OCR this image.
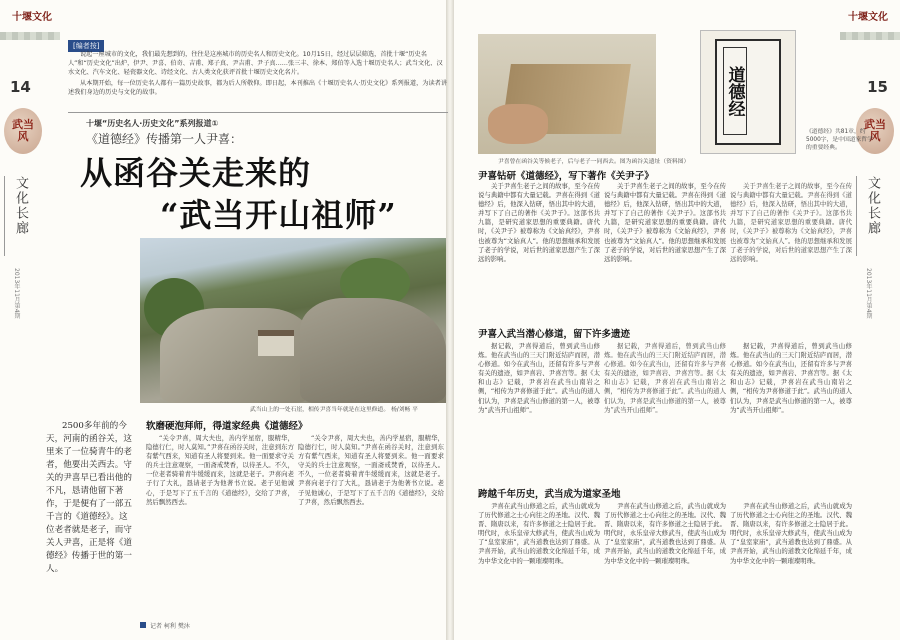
十堰文化	十堰文化
14	15
武当
风
文化长廊
2013年11月第4期
武当
风
文化长廊
2013年11月第4期
[编者按]

说起一座城市的文化，我们最先想到的，往往是这座城市的历史名人和历史文化。10月15日，经过层层筛选，首批十堰“历史名人”和“历史文化”出炉，伊尹、尹喜、伯奇、吉甫、郑子真、尹吉甫、尹子真……张三丰、徐本、郑伯等入选十堰历史名人；武当文化、汉水文化、汽车文化、轻瓷器文化、诗经文化、古人类文化获评首批十堰历史文化名片。

从本期开始，每一位历史名人都有一篇历史故事，都为后人所敬仰。即日起，本刊推出《十堰历史名人·历史文化》系列报道，为读者讲述我们身边的历史与文化的故事。

十堰“历史名人·历史文化”系列报道①
《道德经》传播第一人尹喜：
从函谷关走来的
“武当开山祖师”
武当山上的一处石崖，相传尹喜当年就是在这里修道。 杨/刘畅 平
2500多年前的今天，河南的函谷关，这里来了一位骑青牛的老者，他要出关西去。守关的尹喜早已看出他的不凡，恳请他留下著作，于是便有了一部五千言的《道德经》。这位老者就是老子，而守关人尹喜，正是将《道德经》传播于世的第一人。
软磨硬泡拜师，得道家经典《道德经》
“关令尹喜，周大夫也，善内学星宿，服精华，隐德行仁，时人莫知。”尹喜在函谷关时，注意到东方有紫气西来，知道有圣人将要到来。他一面要求守关的兵士注意观察，一面斋戒焚香，以待圣人。不久，一位老者骑着青牛缓缓而来，这就是老子。尹喜向老子行了大礼，恳请老子为他著书立说。老子见他诚心，于是写下了五千言的《道德经》，交给了尹喜，然后飘然西去。
“关令尹喜，周大夫也，善内学星宿，服精华，隐德行仁，时人莫知。”尹喜在函谷关时，注意到东方有紫气西来，知道有圣人将要到来。他一面要求守关的兵士注意观察，一面斋戒焚香，以待圣人。不久，一位老者骑着青牛缓缓而来，这就是老子。尹喜向老子行了大礼，恳请老子为他著书立说。老子见他诚心，于是写下了五千言的《道德经》，交给了尹喜，然后飘然西去。
尹喜钻研《道德经》，写下著作《关尹子》
关于尹喜生老子之间的故事，至今在传说与典籍中都有大量记载。尹喜在得到《道德经》后，他深入钻研，悟出其中的大道，并写下了自己的著作《关尹子》。这部书共九篇，是研究道家思想的重要典籍。唐代时，《关尹子》被尊称为《文始真经》，尹喜也被尊为“文始真人”。他的思想继承和发展了老子的学说，对后世的道家思想产生了深远的影响。
关于尹喜生老子之间的故事，至今在传说与典籍中都有大量记载。尹喜在得到《道德经》后，他深入钻研，悟出其中的大道，并写下了自己的著作《关尹子》。这部书共九篇，是研究道家思想的重要典籍。唐代时，《关尹子》被尊称为《文始真经》，尹喜也被尊为“文始真人”。他的思想继承和发展了老子的学说，对后世的道家思想产生了深远的影响。
关于尹喜生老子之间的故事，至今在传说与典籍中都有大量记载。尹喜在得到《道德经》后，他深入钻研，悟出其中的大道，并写下了自己的著作《关尹子》。这部书共九篇，是研究道家思想的重要典籍。唐代时，《关尹子》被尊称为《文始真经》，尹喜也被尊为“文始真人”。他的思想继承和发展了老子的学说，对后世的道家思想产生了深远的影响。
尹喜入武当潜心修道，留下许多遗迹
据记载，尹喜得道后，曾到武当山修炼。他在武当山的三天门附近结庐而居，潜心修道。如今在武当山，还留有许多与尹喜有关的遗迹，如尹喜岩、尹喜宫等。据《太和山志》记载，尹喜岩在武当山南岩之侧，“相传为尹喜修道于此”。武当山的道人们认为，尹喜是武当山修道的第一人，被尊为“武当开山祖师”。
据记载，尹喜得道后，曾到武当山修炼。他在武当山的三天门附近结庐而居，潜心修道。如今在武当山，还留有许多与尹喜有关的遗迹，如尹喜岩、尹喜宫等。据《太和山志》记载，尹喜岩在武当山南岩之侧，“相传为尹喜修道于此”。武当山的道人们认为，尹喜是武当山修道的第一人，被尊为“武当开山祖师”。
据记载，尹喜得道后，曾到武当山修炼。他在武当山的三天门附近结庐而居，潜心修道。如今在武当山，还留有许多与尹喜有关的遗迹，如尹喜岩、尹喜宫等。据《太和山志》记载，尹喜岩在武当山南岩之侧，“相传为尹喜修道于此”。武当山的道人们认为，尹喜是武当山修道的第一人，被尊为“武当开山祖师”。
跨越千年历史，武当成为道家圣地
尹喜在武当山修道之后，武当山就成为了历代修道之士心向往之的圣地。汉代、魏晋、隋唐以来，有许多修道之士隐居于此。明代时，永乐皇帝大修武当，使武当山成为了“皇室家庙”，武当道教也达到了鼎盛。从尹喜开始，武当山的道教文化绵延千年，成为中华文化中的一颗璀璨明珠。
尹喜在武当山修道之后，武当山就成为了历代修道之士心向往之的圣地。汉代、魏晋、隋唐以来，有许多修道之士隐居于此。明代时，永乐皇帝大修武当，使武当山成为了“皇室家庙”，武当道教也达到了鼎盛。从尹喜开始，武当山的道教文化绵延千年，成为中华文化中的一颗璀璨明珠。
尹喜在武当山修道之后，武当山就成为了历代修道之士心向往之的圣地。汉代、魏晋、隋唐以来，有许多修道之士隐居于此。明代时，永乐皇帝大修武当，使武当山成为了“皇室家庙”，武当道教也达到了鼎盛。从尹喜开始，武当山的道教文化绵延千年，成为中华文化中的一颗璀璨明珠。
尹喜曾在函谷关等候老子，后与老子一同西去。图为函谷关遗址（资料图）
道德经
《道德经》共81章，约5000字，是中国道家哲学的重要经典。
记者 柯利 樊沐
